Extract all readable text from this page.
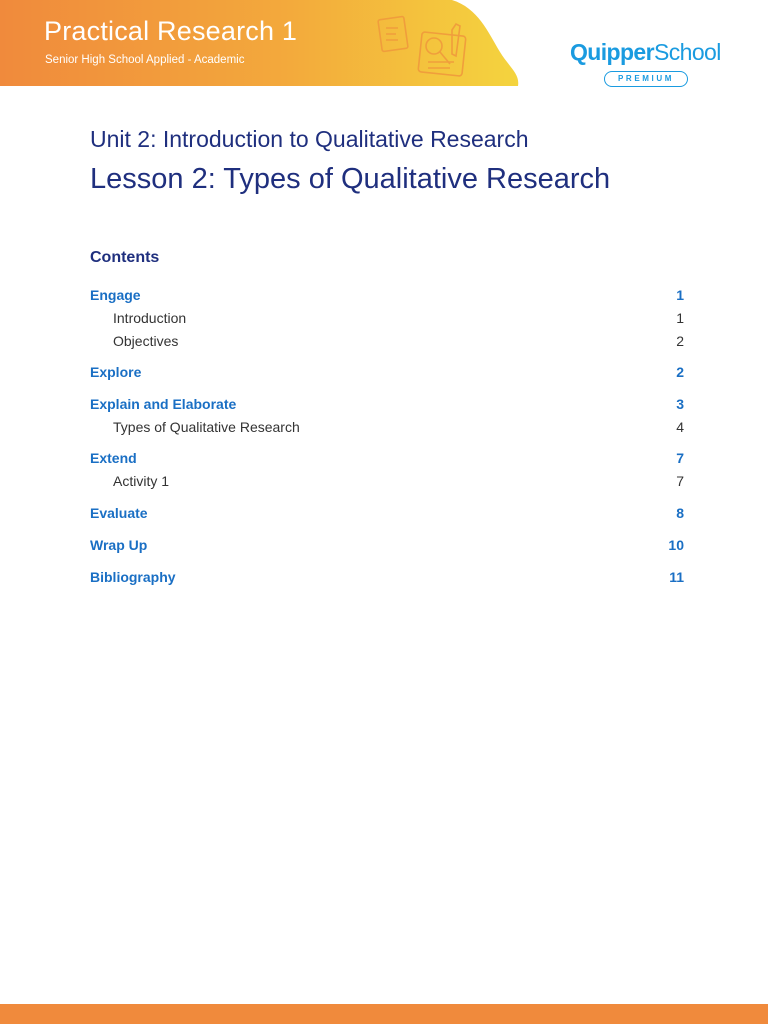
Practical Research 1

Senior High School Applied - Academic	QuipperSchool
PREMIUM
Unit 2: Introduction to Qualitative Research
Lesson 2: Types of Qualitative Research
Contents
Engage	1
Introduction	1
Objectives	2
Explore	2
Explain and Elaborate	3
Types of Qualitative Research	4
Extend	7
Activity 1	7
Evaluate	8
Wrap Up	10
Bibliography	11
